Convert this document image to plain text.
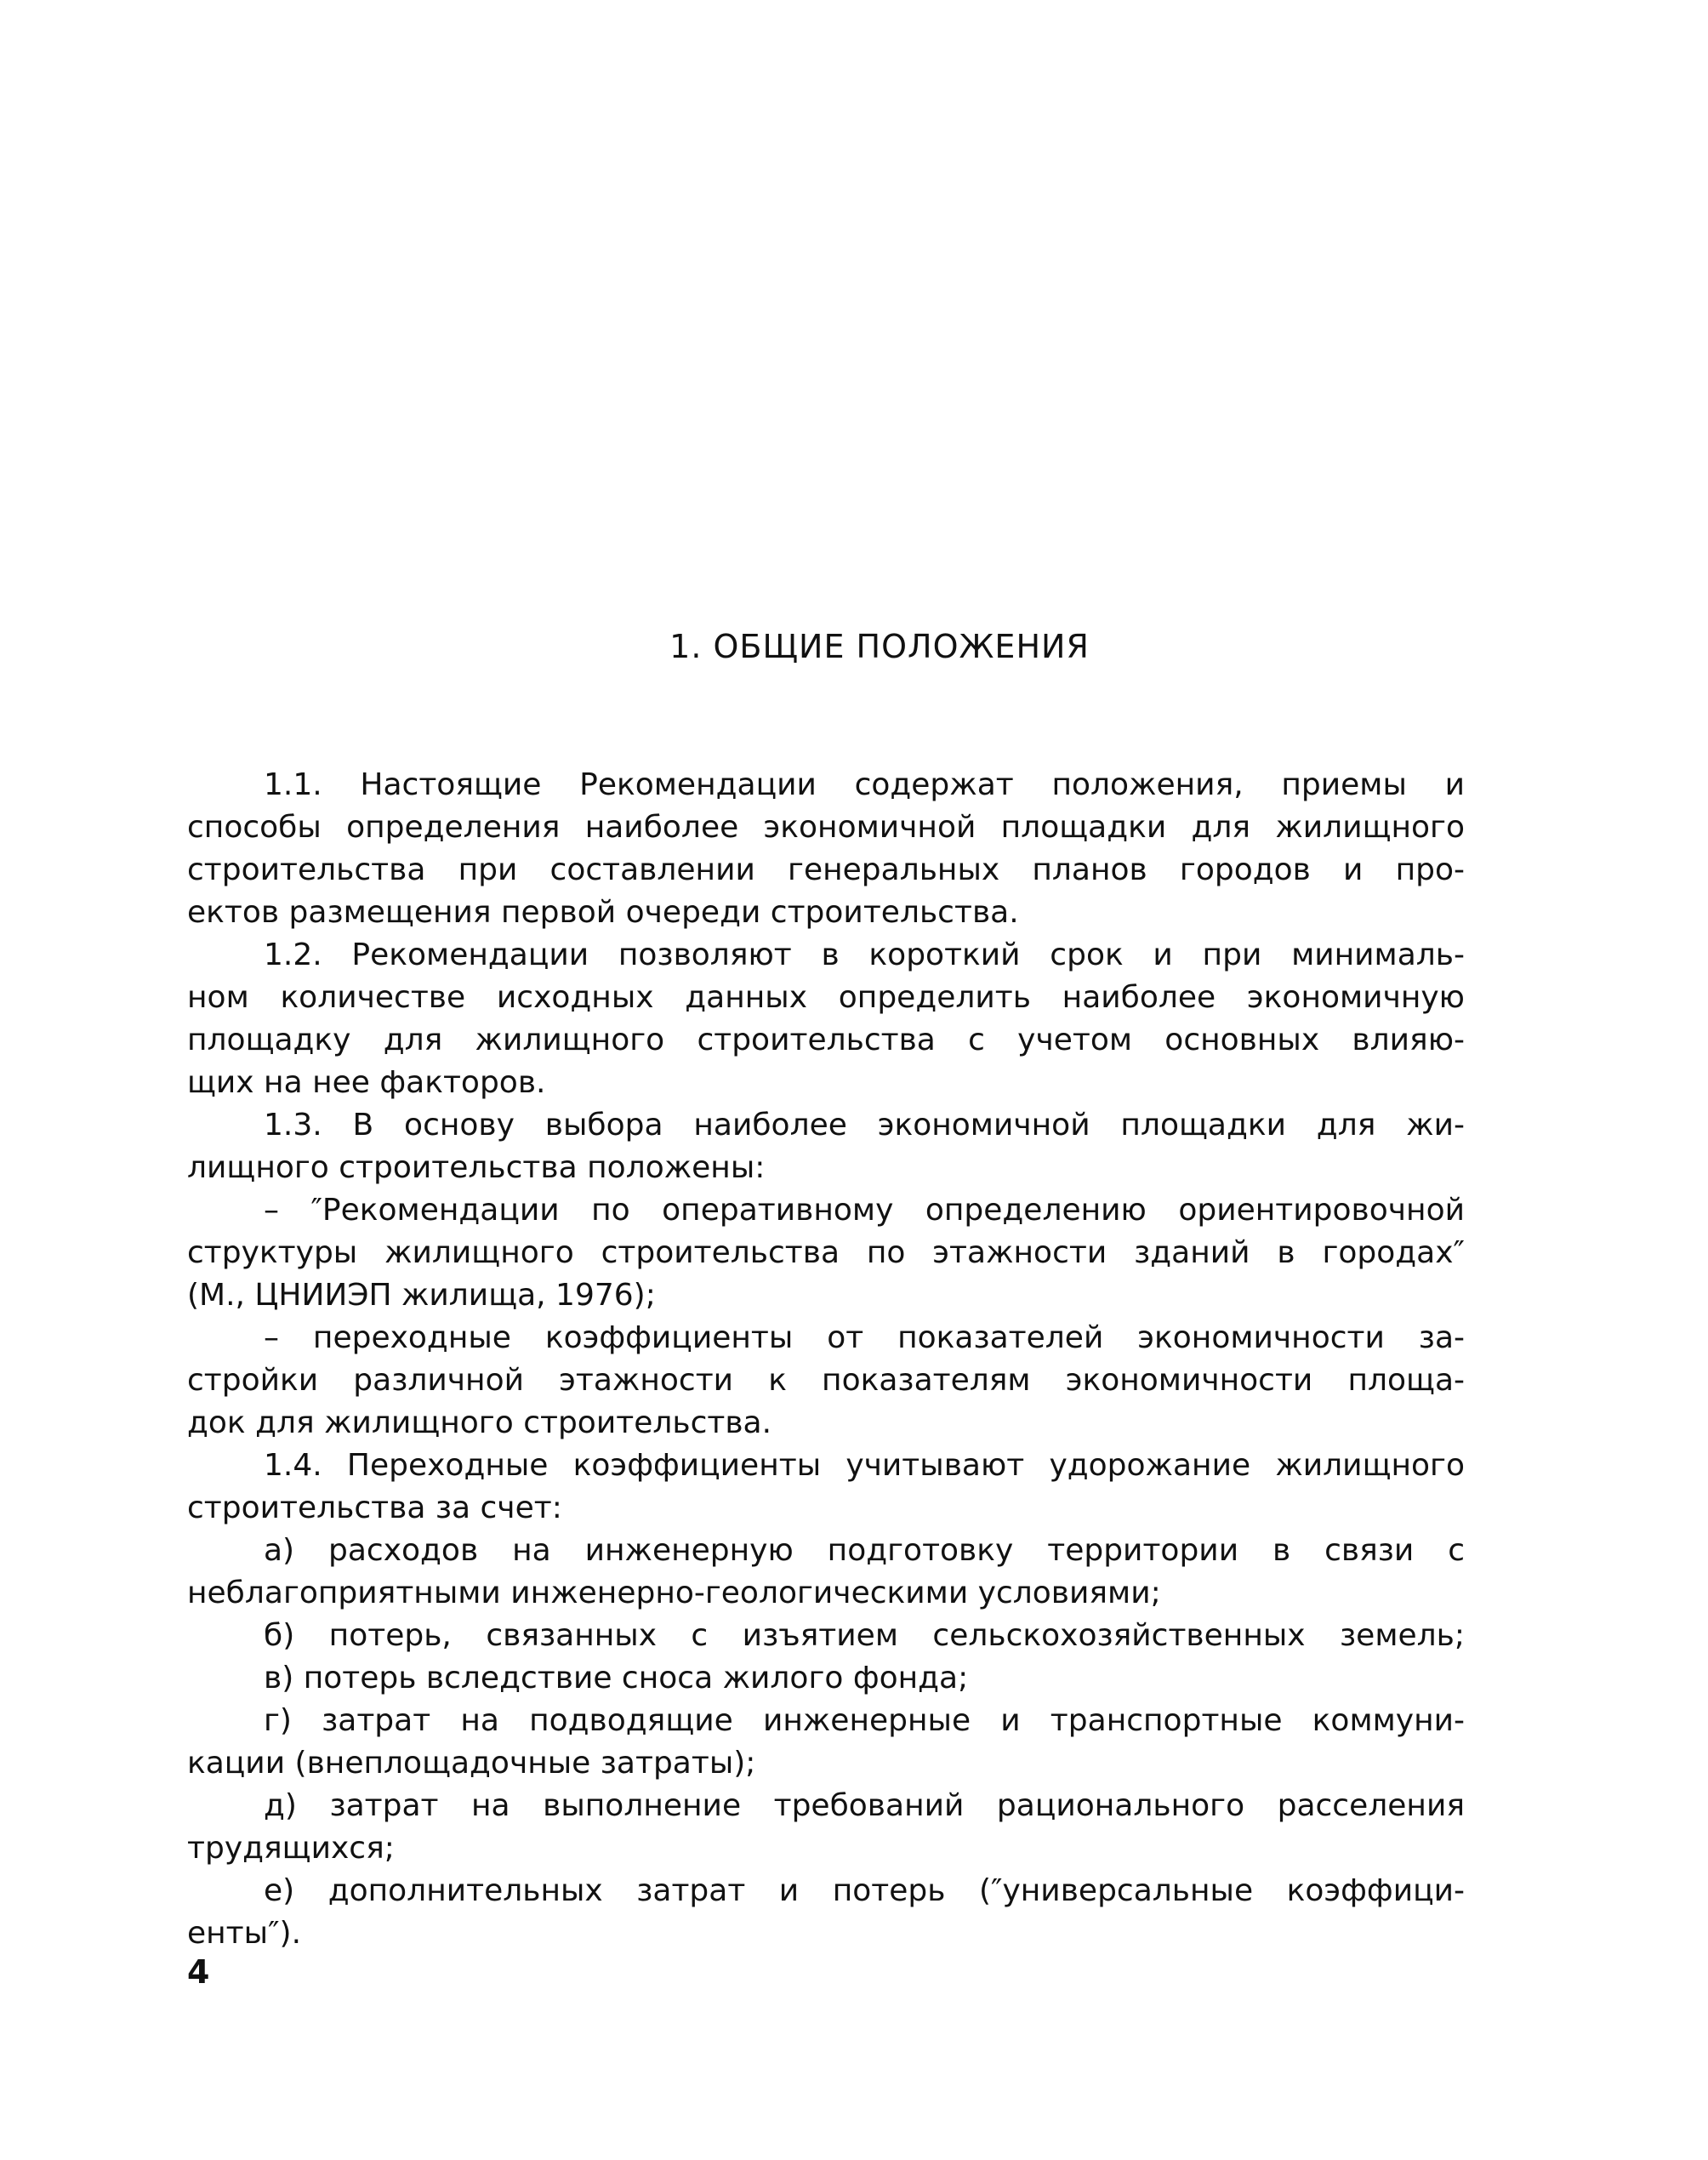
1. ОБЩИЕ ПОЛОЖЕНИЯ
1.1. Настоящие Рекомендации содержат положения, приемы и
способы определения наиболее экономичной площадки для жилищного
строительства при составлении генеральных планов городов и про-
ектов размещения первой очереди строительства.
1.2. Рекомендации позволяют в короткий срок и при минималь-
ном количестве исходных данных определить наиболее экономичную
площадку для жилищного строительства с учетом основных влияю-
щих на нее факторов.
1.3. В основу выбора наиболее экономичной площадки для жи-
лищного строительства положены:
– ″Рекомендации по оперативному определению ориентировочной
структуры жилищного строительства по этажности зданий в городах″
(М., ЦНИИЭП жилища, 1976);
– переходные коэффициенты от показателей экономичности за-
стройки различной этажности к показателям экономичности площа-
док для жилищного строительства.
1.4. Переходные коэффициенты учитывают удорожание жилищного
строительства за счет:
а) расходов на инженерную подготовку территории в связи с
неблагоприятными инженерно-геологическими условиями;
б) потерь, связанных с изъятием сельскохозяйственных земель;
в) потерь вследствие сноса жилого фонда;
г) затрат на подводящие инженерные и транспортные коммуни-
кации (внеплощадочные затраты);
д) затрат на выполнение требований рационального расселения
трудящихся;
е) дополнительных затрат и потерь (″универсальные коэффици-
енты″).
4
